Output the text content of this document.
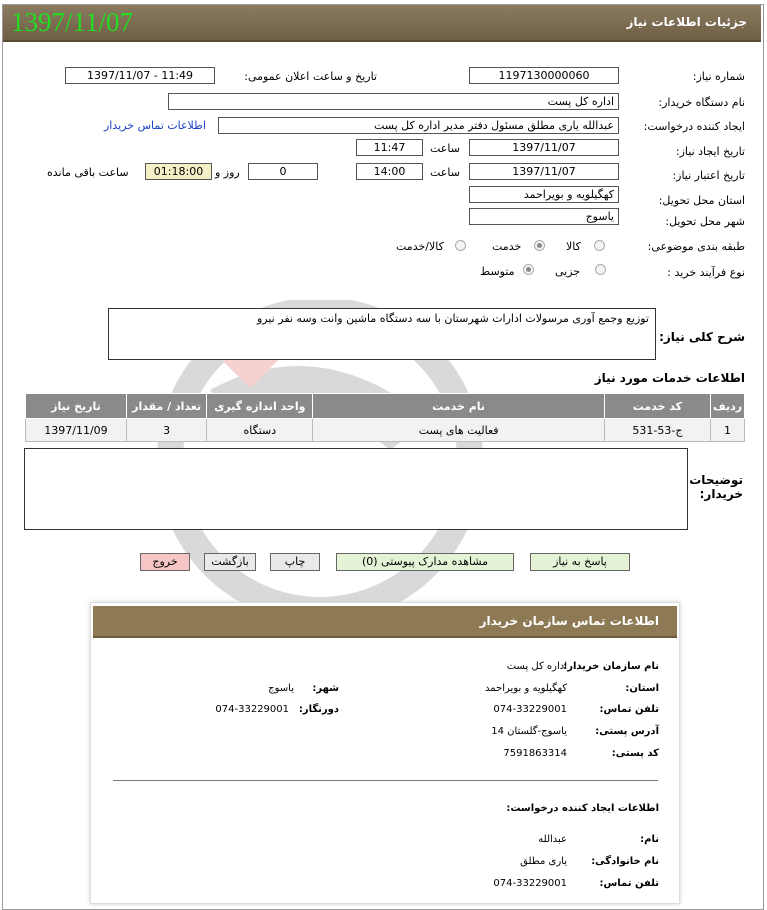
جزئیات اطلاعات نیاز
1397/11/07
شماره نیاز:
1197130000060
تاریخ و ساعت اعلان عمومی:
1397/11/07 - 11:49
نام دستگاه خریدار:
اداره کل پست
ایجاد کننده درخواست:
عبدالله یاری مطلق مسئول دفتر مدیر اداره کل پست
اطلاعات تماس خریدار
تاریخ ایجاد نیاز:
1397/11/07
ساعت
11:47
تاریخ اعتبار نیاز:
1397/11/07
ساعت
14:00
0
روز و
01:18:00
ساعت باقی مانده
استان محل تحویل:
کهگیلویه و بویراحمد
شهر محل تحویل:
یاسوج
طبقه بندی موضوعی:
کالا
خدمت
کالا/خدمت
نوع فرآیند خرید :
جزیی
متوسط
شرح کلی نیاز:
توزیع وجمع آوری مرسولات ادارات شهرستان با سه دستگاه ماشین وانت وسه نفر نیرو
اطلاعات خدمات مورد نیاز
تاریخ نیاز	تعداد / مقدار	واحد اندازه گیری	نام خدمت	کد خدمت	ردیف
1397/11/09	3	دستگاه	فعالیت های پست	ج-53-531	1
توضیحات خریدار:
پاسخ به نیاز
مشاهده مدارک پیوستی (0)
چاپ
بازگشت
خروج
اطلاعات تماس سازمان خریدار
نام سازمان خریدار:
اداره کل پست
استان:
کهگیلویه و بویراحمد
شهر:
یاسوج
تلفن تماس:
074-33229001
دورنگار:
074-33229001
آدرس پستی:
یاسوج-گلستان 14
کد پستی:
7591863314
اطلاعات ایجاد کننده درخواست:
نام:
عبدالله
نام خانوادگی:
یاری مطلق
تلفن تماس:
074-33229001
